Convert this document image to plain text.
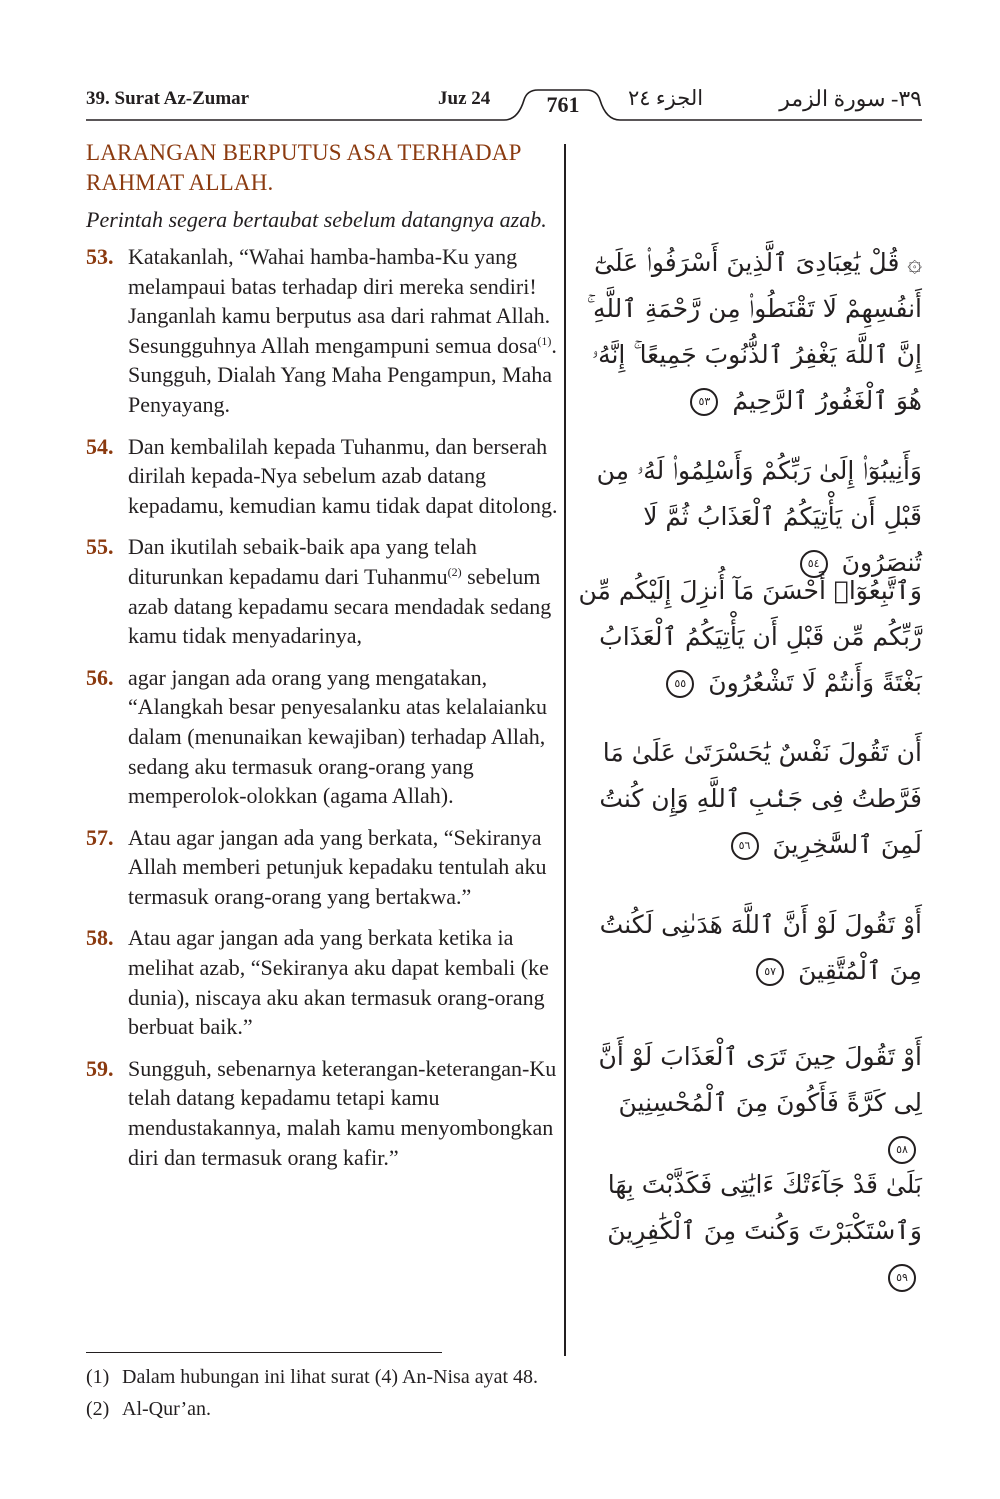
39. Surat Az-Zumar	Juz 24	761	الجزء ٢٤	٣٩- سورة الزمر
LARANGAN BERPUTUS ASA TERHADAP RAHMAT ALLAH.
Perintah segera bertaubat sebelum datangnya azab.
53. Katakanlah, “Wahai hamba-hamba-Ku yang melampaui batas terhadap diri mereka sendiri! Janganlah kamu berputus asa dari rahmat Allah. Sesungguhnya Allah mengampuni semua dosa$^{(1)}$. Sungguh, Dialah Yang Maha Pengampun, Maha Penyayang.
54. Dan kembalilah kepada Tuhanmu, dan berserah dirilah kepada-Nya sebelum azab datang kepadamu, kemudian kamu tidak dapat ditolong.
55. Dan ikutilah sebaik-baik apa yang telah diturunkan kepadamu dari Tuhanmu$^{(2)}$ sebelum azab datang kepadamu secara mendadak sedang kamu tidak menyadarinya,
56. agar jangan ada orang yang mengatakan, “Alangkah besar penyesalanku atas kelalaianku dalam (menunaikan kewajiban) terhadap Allah, sedang aku termasuk orang-orang yang memperolok-olokkan (agama Allah).
57. Atau agar jangan ada yang berkata, “Sekiranya Allah memberi petunjuk kepadaku tentulah aku termasuk orang-orang yang bertakwa.”
58. Atau agar jangan ada yang berkata ketika ia melihat azab, “Sekiranya aku dapat kembali (ke dunia), niscaya aku akan termasuk orang-orang berbuat baik.”
59. Sungguh, sebenarnya keterangan-keterangan-Ku telah datang kepadamu tetapi kamu mendustakannya, malah kamu menyombongkan diri dan termasuk orang kafir.”
۞ قُلْ يَٰعِبَادِىَ ٱلَّذِينَ أَسْرَفُوا۟ عَلَىٰٓ أَنفُسِهِمْ لَا تَقْنَطُوا۟ مِن رَّحْمَةِ ٱللَّهِ ۚ إِنَّ ٱللَّهَ يَغْفِرُ ٱلذُّنُوبَ جَمِيعًا ۚ إِنَّهُۥ هُوَ ٱلْغَفُورُ ٱلرَّحِيمُ ٥٣
وَأَنِيبُوٓا۟ إِلَىٰ رَبِّكُمْ وَأَسْلِمُوا۟ لَهُۥ مِن قَبْلِ أَن يَأْتِيَكُمُ ٱلْعَذَابُ ثُمَّ لَا تُنصَرُونَ ٥٤
وَٱتَّبِعُوٓا۟ أَحْسَنَ مَآ أُنزِلَ إِلَيْكُم مِّن رَّبِّكُم مِّن قَبْلِ أَن يَأْتِيَكُمُ ٱلْعَذَابُ بَغْتَةً وَأَنتُمْ لَا تَشْعُرُونَ ٥٥
أَن تَقُولَ نَفْسٌ يَٰحَسْرَتَىٰ عَلَىٰ مَا فَرَّطتُ فِى جَنۢبِ ٱللَّهِ وَإِن كُنتُ لَمِنَ ٱلسَّٰخِرِينَ ٥٦
أَوْ تَقُولَ لَوْ أَنَّ ٱللَّهَ هَدَىٰنِى لَكُنتُ مِنَ ٱلْمُتَّقِينَ ٥٧
أَوْ تَقُولَ حِينَ تَرَى ٱلْعَذَابَ لَوْ أَنَّ لِى كَرَّةً فَأَكُونَ مِنَ ٱلْمُحْسِنِينَ ٥٨
بَلَىٰ قَدْ جَآءَتْكَ ءَايَٰتِى فَكَذَّبْتَ بِهَا وَٱسْتَكْبَرْتَ وَكُنتَ مِنَ ٱلْكَٰفِرِينَ ٥٩
(1) Dalam hubungan ini lihat surat (4) An-Nisa ayat 48.
(2) Al-Qur’an.
